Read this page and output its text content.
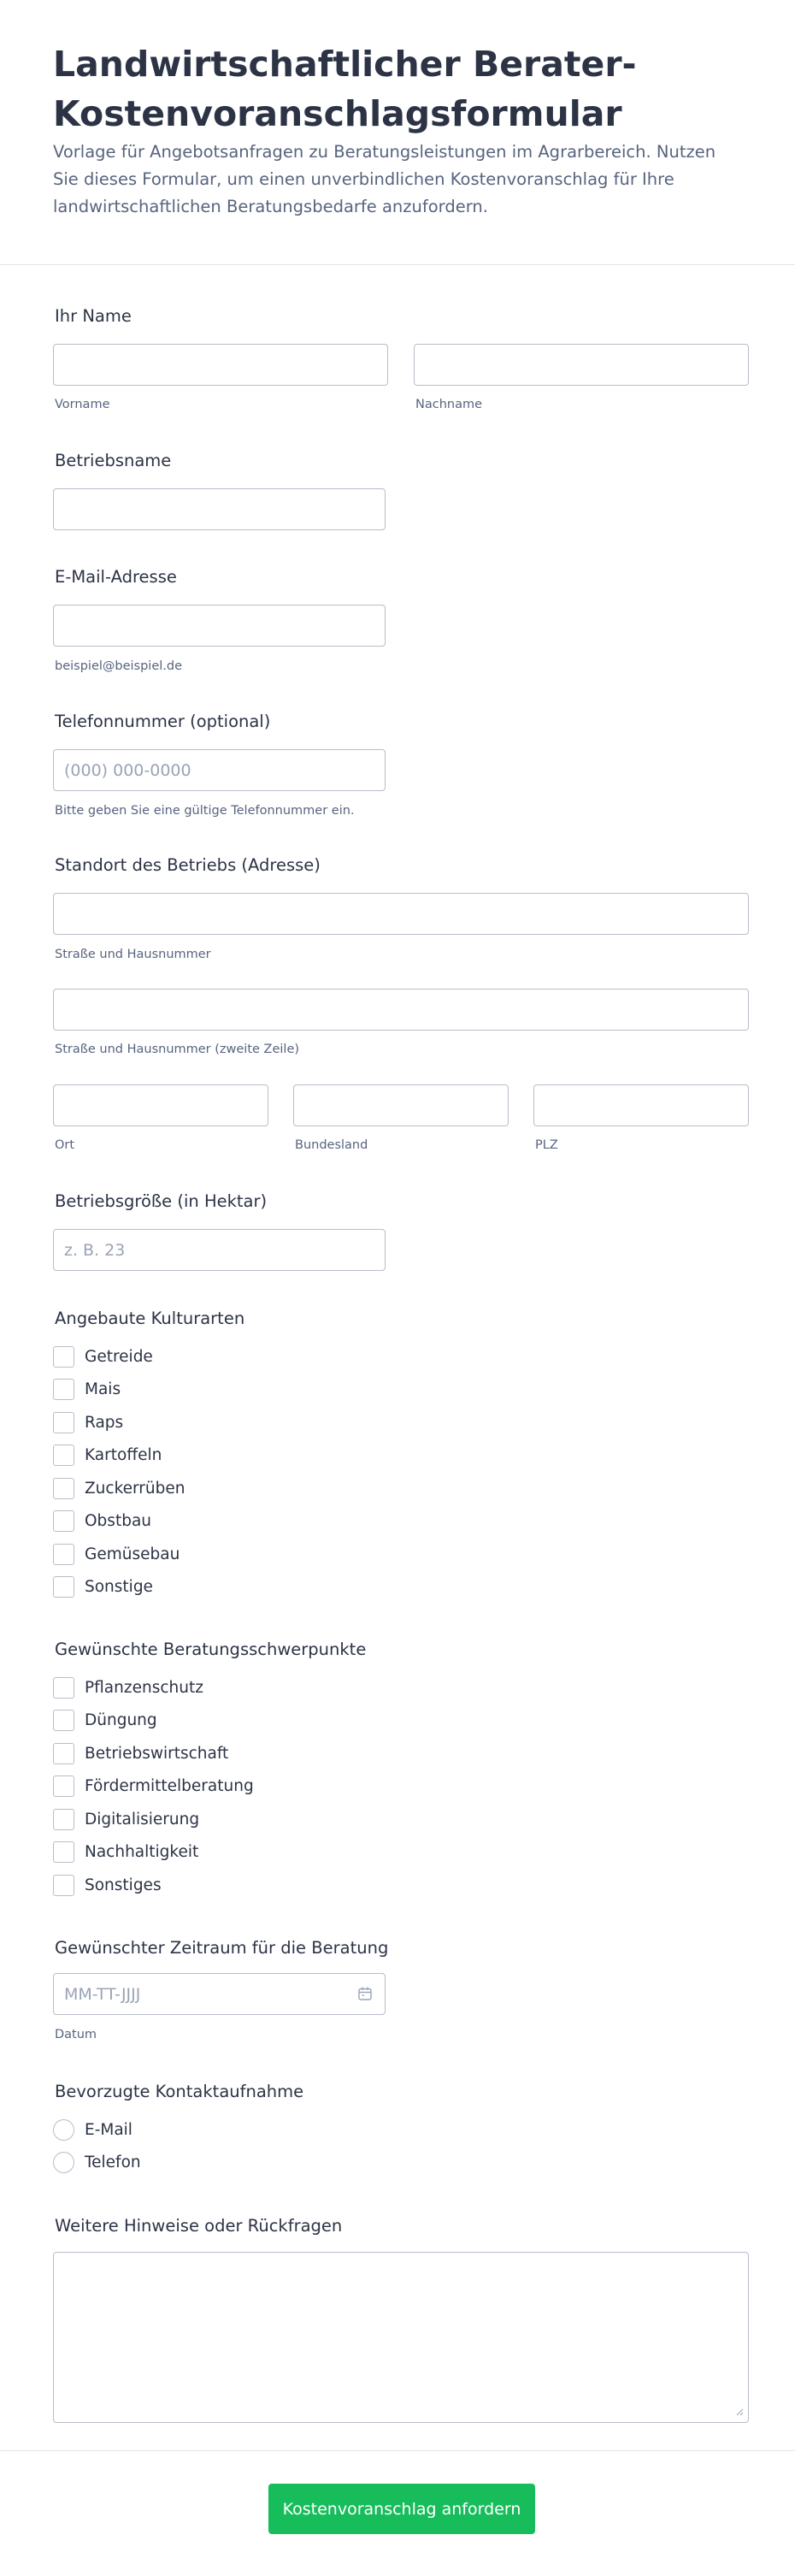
Landwirtschaftlicher Berater-Kostenvoranschlagsformular
Vorlage für Angebotsanfragen zu Beratungsleistungen im Agrarbereich. Nutzen Sie dieses Formular, um einen unverbindlichen Kostenvoranschlag für Ihre landwirtschaftlichen Beratungsbedarfe anzufordern.
Ihr Name
Vorname	Nachname
Betriebsname
E-Mail-Adresse
beispiel@beispiel.de
Telefonnummer (optional)
(000) 000-0000
Bitte geben Sie eine gültige Telefonnummer ein.
Standort des Betriebs (Adresse)
Straße und Hausnummer
Straße und Hausnummer (zweite Zeile)
Ort	Bundesland	PLZ
Betriebsgröße (in Hektar)
z. B. 23
Angebaute Kulturarten
Getreide
Mais
Raps
Kartoffeln
Zuckerrüben
Obstbau
Gemüsebau
Sonstige
Gewünschte Beratungsschwerpunkte
Pflanzenschutz
Düngung
Betriebswirtschaft
Fördermittelberatung
Digitalisierung
Nachhaltigkeit
Sonstiges
Gewünschter Zeitraum für die Beratung
MM-TT-JJJJ
Datum
Bevorzugte Kontaktaufnahme
E-Mail
Telefon
Weitere Hinweise oder Rückfragen
Kostenvoranschlag anfordern
